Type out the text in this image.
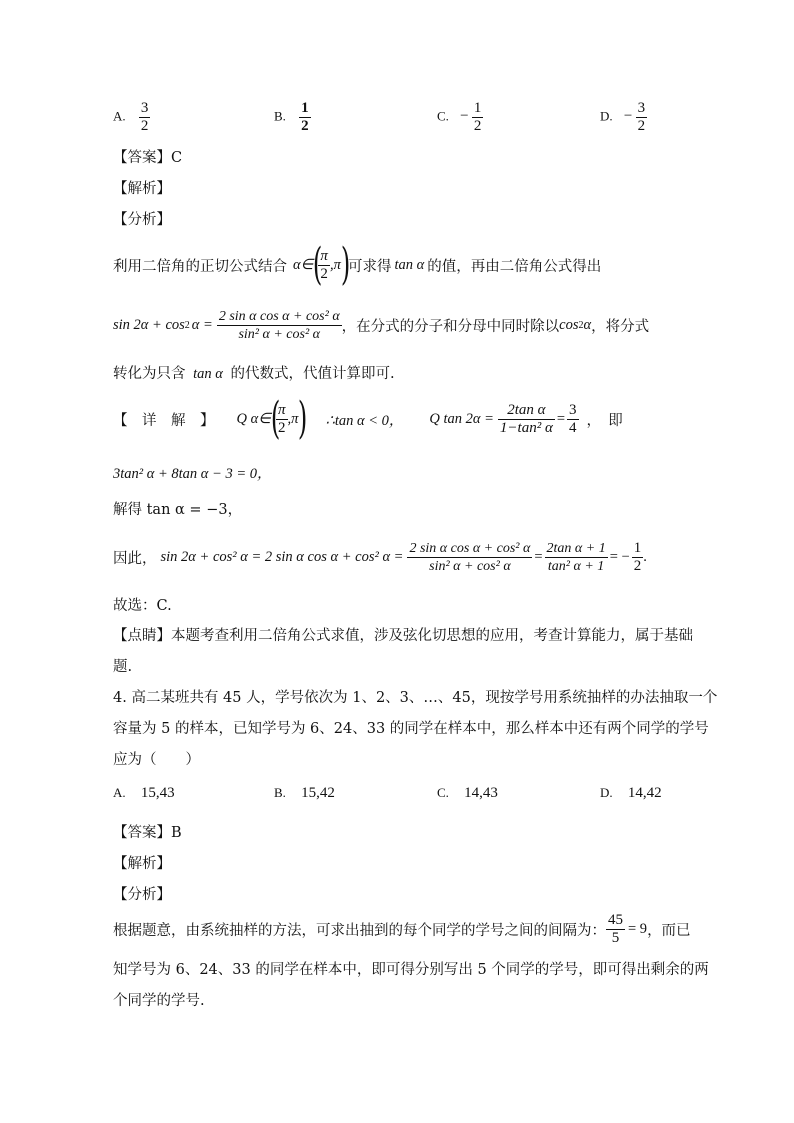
A. $\frac{3}{2}$	B. $\frac{1}{2}$	C. − $\frac{1}{2}$	D. − $\frac{3}{2}$
【答案】C
【解析】
【分析】
利用二倍角的正切公式结合 α∈ (
$\frac{\pi}{2} ,\pi$ )
可求得 tan α 的值，再由二倍角公式得出
sin 2α + cos 2 $\alpha = \frac{\text{2 sin α cos α + cos² α}}{\text{sin² α + cos² α}}$ ，在分式的分子和分母中同时除以 cos 2 α ，将分式
转化为只含 tan α 的代数式，代值计算即可.
【　详　解　】 Q α∈ (
$\frac{\pi}{2} ,\pi$ ) ∴tan α < 0， Q $\tan 2\alpha = \frac{\text{2tan α}}{\text{1−tan² α}} = \frac{3}{4}$ ，　即
3tan² α + 8tan α − 3 = 0，
解得 tan α = −3，
因此， sin 2α + cos² α = 2 sin α cos α + cos² $\alpha = \frac{\text{2 sin α cos α + cos² α}}{\text{sin² α + cos² α}} = \frac{\text{2tan α + 1}}{\text{tan² α + 1}}$ = − $\frac{1}{2}$ .
故选：C.
【点睛】本题考查利用二倍角公式求值，涉及弦化切思想的应用，考查计算能力，属于基础
题.
4. 高二某班共有 45 人，学号依次为 1、2、3、…、45，现按学号用系统抽样的办法抽取一个
容量为 5 的样本，已知学号为 6、24、33 的同学在样本中，那么样本中还有两个同学的学号
应为（　　）
A. 15,43	B. 15,42	C. 14,43	D. 14,42
【答案】B
【解析】
【分析】
根据题意，由系统抽样的方法，可求出抽到的每个同学的学号之间的间隔为： $\frac{45}{5} = 9$ ，而已
知学号为 6、24、33 的同学在样本中，即可得分别写出 5 个同学的学号，即可得出剩余的两
个同学的学号.
